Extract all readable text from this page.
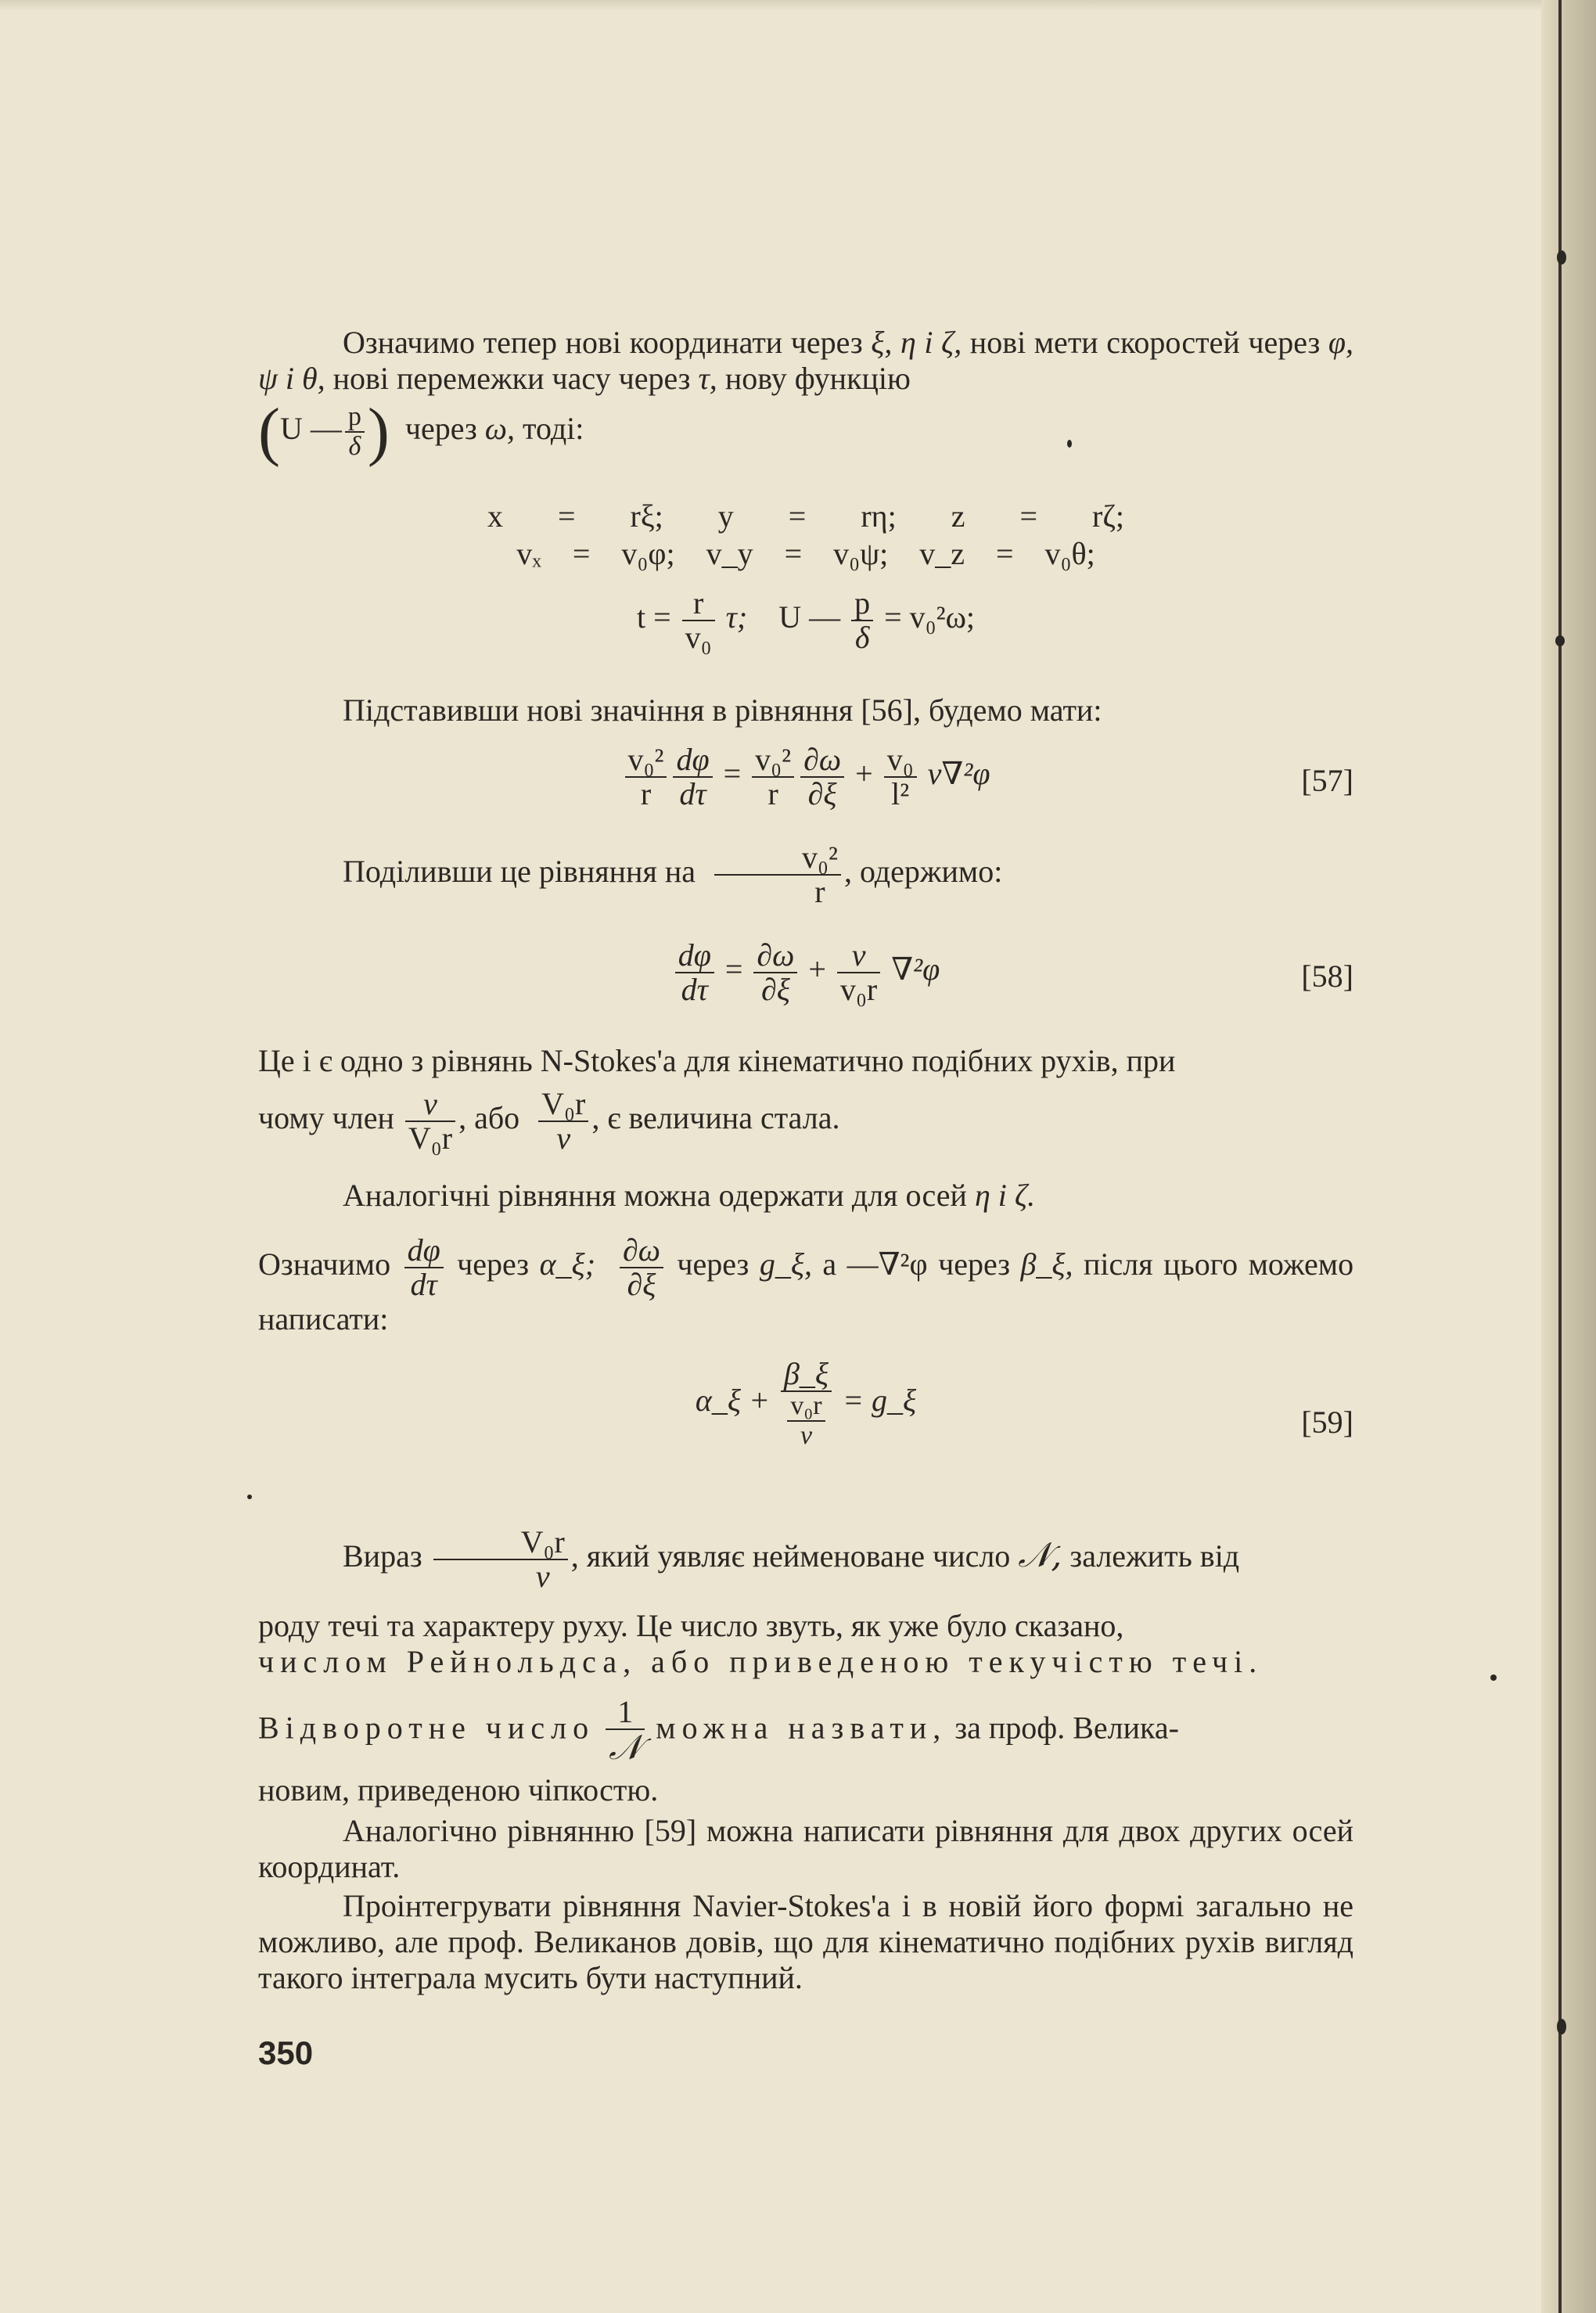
Означимо тепер нові координати через ξ, η і ζ, нові мети скоростей через φ, ψ і θ, нові перемежки часу через τ, нову функцію
(U — $\frac{p}{\delta}$ ) через ω, тоді:
x = rξ; y = rη; z = rζ;
vₓ = v₀φ; v_y = v₀ψ; v_z = v₀θ;
$t = \frac{r}{\text{v₀}} \tau$; U — $\frac{p}{\delta} = v_0^2\omega$;
Підставивши нові значіння в рівняння [56], будемо мати:
$\frac{\text{v₀²}}{r} \frac{d\varphi}{d\tau} = \frac{\text{v₀²}}{r} \frac{\partial\omega}{\partial\xi} + \frac{\text{v₀}}{\text{l²}} \nu\nabla^2\varphi$	[57]
Поділивши це рівняння на $\frac{\text{v₀²}}{r}$ , одержимо:
$\frac{d\varphi}{d\tau} = \frac{\partial\omega}{\partial\xi} + \frac{\nu}{\text{v₀r}} \nabla^2\varphi$	[58]
Це і є одно з рівнянь N-Stokes'a для кінематично подібних рухів, при
чому член $\frac{\nu}{\text{V₀r}}$ , або $\frac{\text{V₀r}}{\nu}$ , є величина стала.
Аналогічні рівняння можна одержати для осей η і ζ.
Означимо $\frac{d\varphi}{d\tau}$ через α_ξ; $\frac{\partial\omega}{\partial\xi}$ через g_ξ, а —∇²φ через β_ξ, після цього можемо написати:
α_ξ + $\frac{\beta\_\xi}{\frac{\text{v₀r}}{\nu}}$ = g_ξ
[59]
Вираз $\frac{\text{V₀r}}{\nu}$ , який уявляє нейменоване число 𝒩, залежить від
роду течі та характеру руху. Це число звуть, як уже було сказано,
числом Рейнольдса, або приведеною текучістю течі.
Відворотне число $\frac{1}{\text{𝒩}}$ можна назвати, за проф. Велика-
новим, приведеною чіпкостю.
Аналогічно рівнянню [59] можна написати рівняння для двох других осей координат.
Проінтегрувати рівняння Navier-Stokes'a і в новій його формі загально не можливо, але проф. Великанов довів, що для кінематично подібних рухів вигляд такого інтеграла мусить бути наступний.
350
